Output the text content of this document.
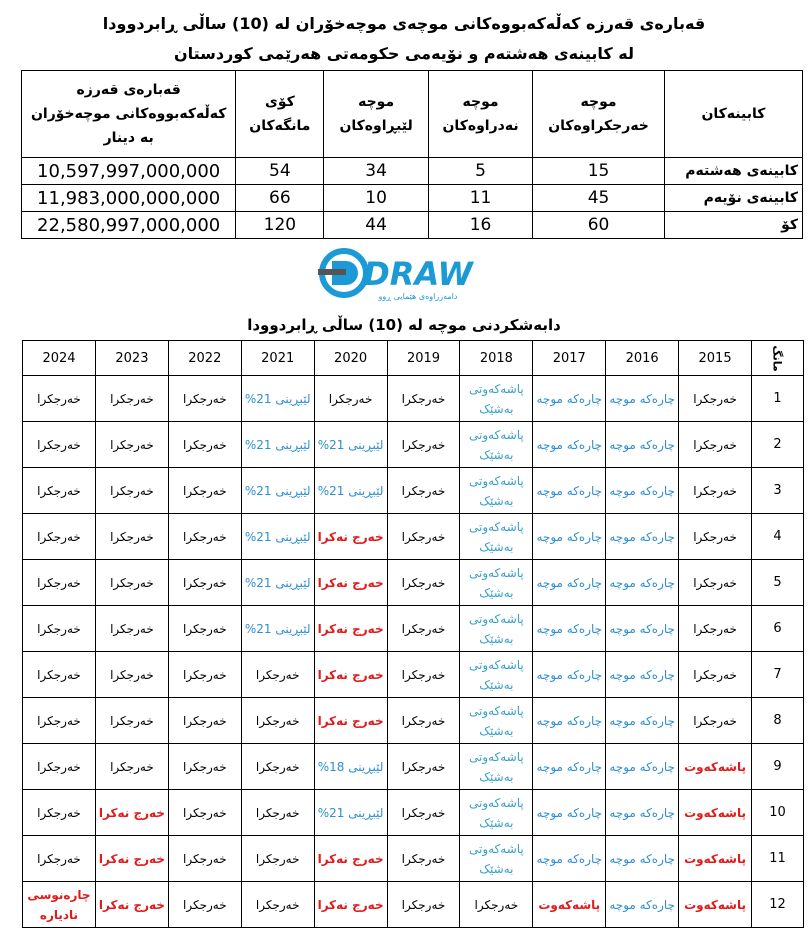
قەبارەی قەرزە کەڵەکەبووەکانی موچەی موچەخۆران لە (10) ساڵی ڕابردوودا
لە کابینەی هەشتەم و نۆیەمی حکومەتی هەرێمی کوردستان
کابینەکان	موچە خەرجکراوەکان	موچە نەدراوەکان	موچە لێبڕاوەکان	کۆی مانگەکان	قەبارەی قەرزە کەڵەکەبووەکانی موچەخۆران بە دینار
کابینەی هەشتەم	15	5	34	54	10,597,997,000,000
کابینەی نۆیەم	45	11	10	66	11,983,000,000,000
کۆ	60	16	44	120	22,580,997,000,000
DRAW
دامەزراوەی هێمایی ڕوو
دابەشکردنی موچە لە (10) ساڵی ڕابردوودا
مانگ	2015	2016	2017	2018	2019	2020	2021	2022	2023	2024
1	خەرجکرا	چارەکە موچە	چارەکە موچە	پاشەکەوتی بەشێک	خەرجکرا	خەرجکرا	لێبڕینی 21%	خەرجکرا	خەرجکرا	خەرجکرا
2	خەرجکرا	چارەکە موچە	چارەکە موچە	پاشەکەوتی بەشێک	خەرجکرا	لێبڕینی 21%	لێبڕینی 21%	خەرجکرا	خەرجکرا	خەرجکرا
3	خەرجکرا	چارەکە موچە	چارەکە موچە	پاشەکەوتی بەشێک	خەرجکرا	لێبڕینی 21%	لێبڕینی 21%	خەرجکرا	خەرجکرا	خەرجکرا
4	خەرجکرا	چارەکە موچە	چارەکە موچە	پاشەکەوتی بەشێک	خەرجکرا	خەرج نەکرا	لێبڕینی 21%	خەرجکرا	خەرجکرا	خەرجکرا
5	خەرجکرا	چارەکە موچە	چارەکە موچە	پاشەکەوتی بەشێک	خەرجکرا	خەرج نەکرا	لێبڕینی 21%	خەرجکرا	خەرجکرا	خەرجکرا
6	خەرجکرا	چارەکە موچە	چارەکە موچە	پاشەکەوتی بەشێک	خەرجکرا	خەرج نەکرا	لێبڕینی 21%	خەرجکرا	خەرجکرا	خەرجکرا
7	خەرجکرا	چارەکە موچە	چارەکە موچە	پاشەکەوتی بەشێک	خەرجکرا	خەرج نەکرا	خەرجکرا	خەرجکرا	خەرجکرا	خەرجکرا
8	خەرجکرا	چارەکە موچە	چارەکە موچە	پاشەکەوتی بەشێک	خەرجکرا	خەرج نەکرا	خەرجکرا	خەرجکرا	خەرجکرا	خەرجکرا
9	پاشەکەوت	چارەکە موچە	چارەکە موچە	پاشەکەوتی بەشێک	خەرجکرا	لێبڕینی 18%	خەرجکرا	خەرجکرا	خەرجکرا	خەرجکرا
10	پاشەکەوت	چارەکە موچە	چارەکە موچە	پاشەکەوتی بەشێک	خەرجکرا	لێبڕینی 21%	خەرجکرا	خەرجکرا	خەرج نەکرا	خەرجکرا
11	پاشەکەوت	چارەکە موچە	چارەکە موچە	پاشەکەوتی بەشێک	خەرجکرا	خەرج نەکرا	خەرجکرا	خەرجکرا	خەرج نەکرا	خەرجکرا
12	پاشەکەوت	چارەکە موچە	پاشەکەوت	خەرجکرا	خەرجکرا	خەرج نەکرا	خەرجکرا	خەرجکرا	خەرج نەکرا	چارەنوسی نادیارە
